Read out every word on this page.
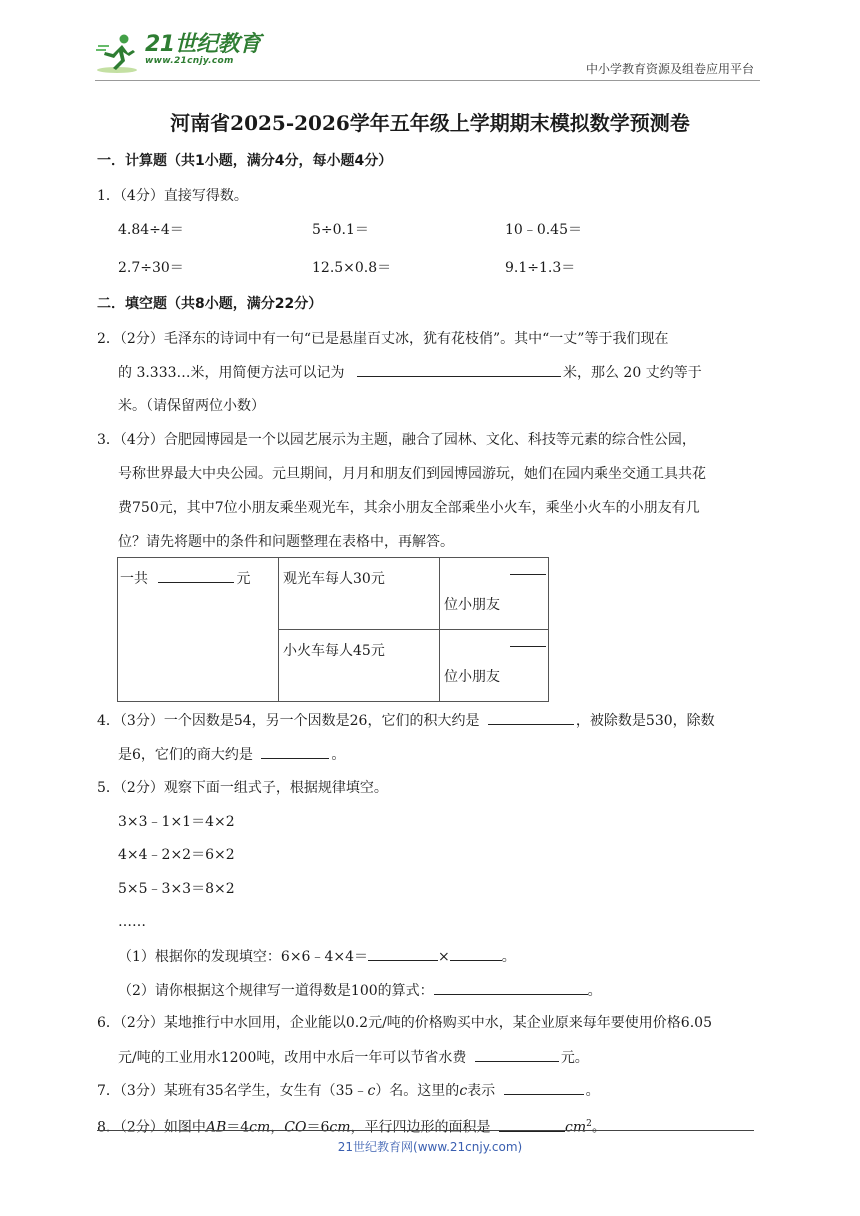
21世纪教育
www.21cnjy.com
中小学教育资源及组卷应用平台
河南省2025-2026学年五年级上学期期末模拟数学预测卷
一．计算题（共1小题，满分4分，每小题4分）
1．（4分）直接写得数。
4.84÷4＝	5÷0.1＝	10﹣0.45＝
2.7÷30＝	12.5×0.8＝	9.1÷1.3＝
二．填空题（共8小题，满分22分）
2．（2分）毛泽东的诗词中有一句“已是悬崖百丈冰，犹有花枝俏”。其中“一丈”等于我们现在
的 3.333…米，用简便方法可以记为	米，那么 20 丈约等于
米。（请保留两位小数）
3．（4分）合肥园博园是一个以园艺展示为主题，融合了园林、文化、科技等元素的综合性公园，
号称世界最大中央公园。元旦期间，月月和朋友们到园博园游玩，她们在园内乘坐交通工具共花
费750元，其中7位小朋友乘坐观光车，其余小朋友全部乘坐小火车，乘坐小火车的小朋友有几
位？请先将题中的条件和问题整理在表格中，再解答。
一共 元	观光车每人30元	位小朋友

	小火车每人45元	位小朋友
4．（3分）一个因数是54，另一个因数是26，它们的积大约是	，被除数是530，除数
是6，它们的商大约是	。
5．（2分）观察下面一组式子，根据规律填空。
3×3﹣1×1＝4×2
4×4﹣2×2＝6×2
5×5﹣3×3＝8×2
……
（1）根据你的发现填空：6×6﹣4×4＝	×	。
（2）请你根据这个规律写一道得数是100的算式：	。
6．（2分）某地推行中水回用，企业能以0.2元/吨的价格购买中水，某企业原来每年要使用价格6.05
元/吨的工业用水1200吨，改用中水后一年可以节省水费	元。
7．（3分）某班有35名学生，女生有（35﹣c）名。这里的c表示	。
8．（2分）如图中AB＝4cm，CO＝6cm，平行四边形的面积是	$cm^2$。
21世纪教育网(www.21cnjy.com)
